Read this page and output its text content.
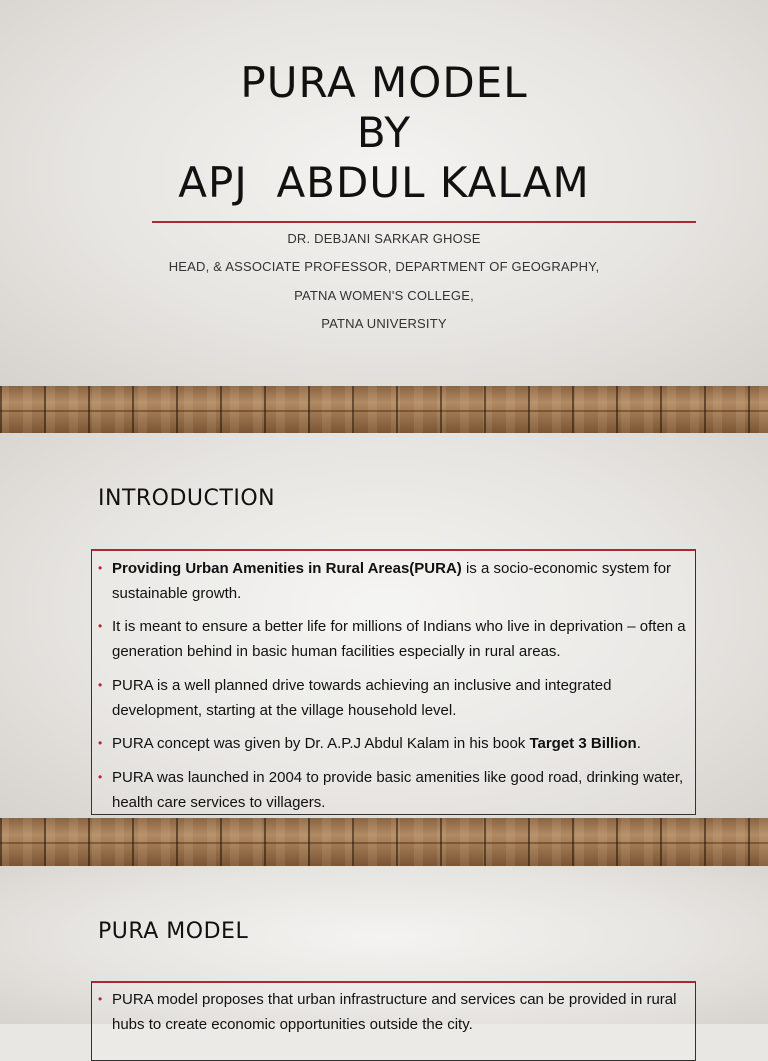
PURA MODEL
BY
APJ  ABDUL KALAM
DR. DEBJANI SARKAR GHOSE
HEAD, & ASSOCIATE PROFESSOR, DEPARTMENT OF GEOGRAPHY,
PATNA WOMEN'S COLLEGE,
PATNA UNIVERSITY
INTRODUCTION
• Providing Urban Amenities in Rural Areas(PURA) is a socio-economic system for sustainable growth.
• It is meant to ensure a better life for millions of Indians who live in deprivation – often a generation behind in basic human facilities especially in rural areas.
• PURA is a well planned drive towards achieving an inclusive and integrated development, starting at the village household level.
• PURA concept was given by Dr. A.P.J Abdul Kalam in his book Target 3 Billion.
• PURA was launched in 2004 to provide basic amenities like good road, drinking water, health care services to villagers.
PURA MODEL
• PURA model proposes that urban infrastructure and services can be provided in rural hubs to create economic opportunities outside the city.
